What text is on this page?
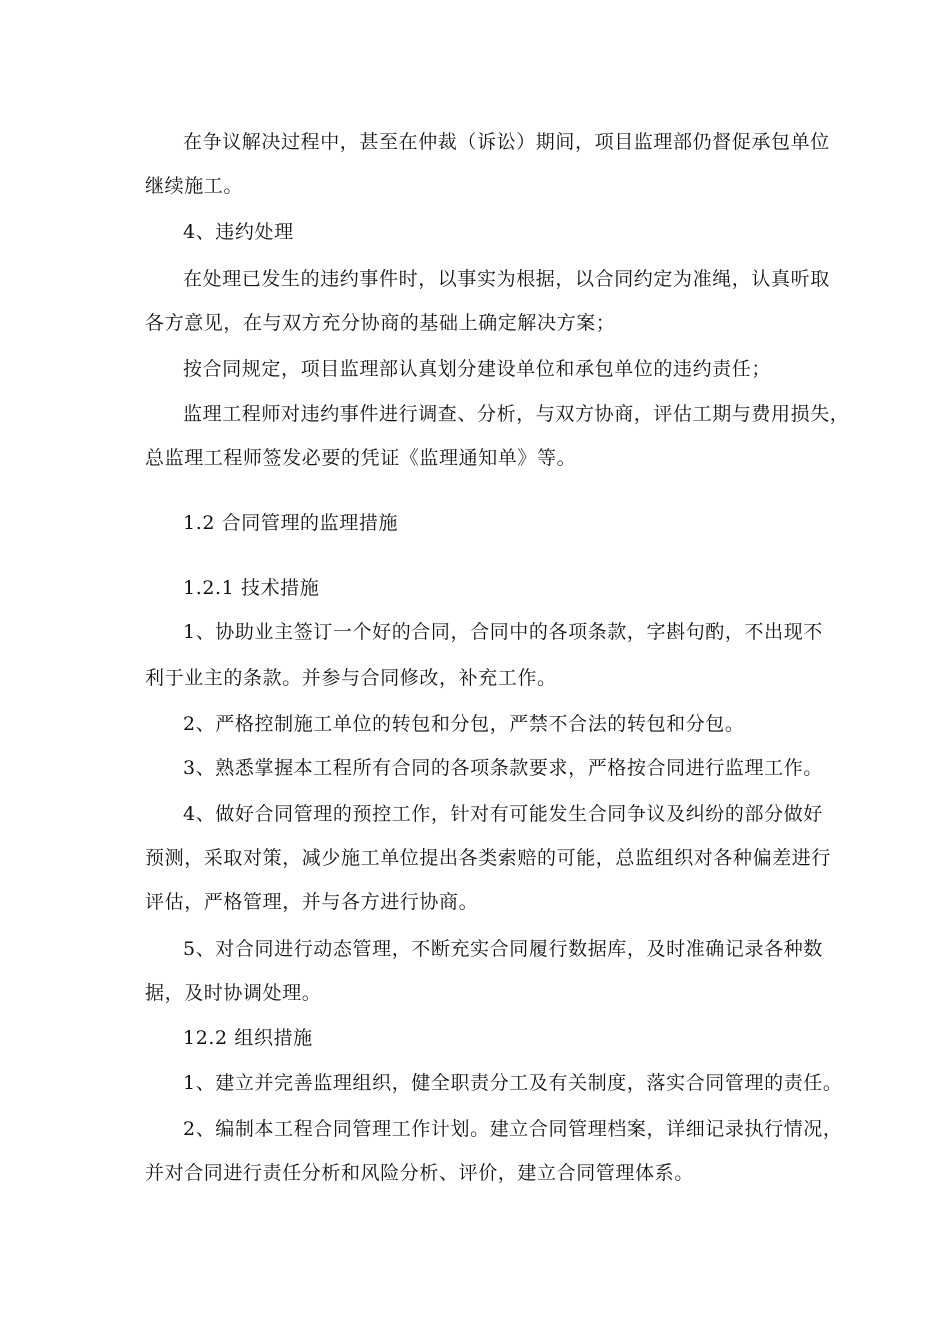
在争议解决过程中，甚至在仲裁（诉讼）期间，项目监理部仍督促承包单位
继续施工。
4、违约处理
在处理已发生的违约事件时，以事实为根据，以合同约定为准绳，认真听取
各方意见，在与双方充分协商的基础上确定解决方案；
按合同规定，项目监理部认真划分建设单位和承包单位的违约责任；
监理工程师对违约事件进行调查、分析，与双方协商，评估工期与费用损失，
总监理工程师签发必要的凭证《监理通知单》等。
1.2 合同管理的监理措施
1.2.1 技术措施
1、协助业主签订一个好的合同，合同中的各项条款，字斟句酌，不出现不
利于业主的条款。并参与合同修改，补充工作。
2、严格控制施工单位的转包和分包，严禁不合法的转包和分包。
3、熟悉掌握本工程所有合同的各项条款要求，严格按合同进行监理工作。
4、做好合同管理的预控工作，针对有可能发生合同争议及纠纷的部分做好
预测，采取对策，减少施工单位提出各类索赔的可能，总监组织对各种偏差进行
评估，严格管理，并与各方进行协商。
5、对合同进行动态管理，不断充实合同履行数据库，及时准确记录各种数
据，及时协调处理。
12.2 组织措施
1、建立并完善监理组织，健全职责分工及有关制度，落实合同管理的责任。
2、编制本工程合同管理工作计划。建立合同管理档案，详细记录执行情况，
并对合同进行责任分析和风险分析、评价，建立合同管理体系。
